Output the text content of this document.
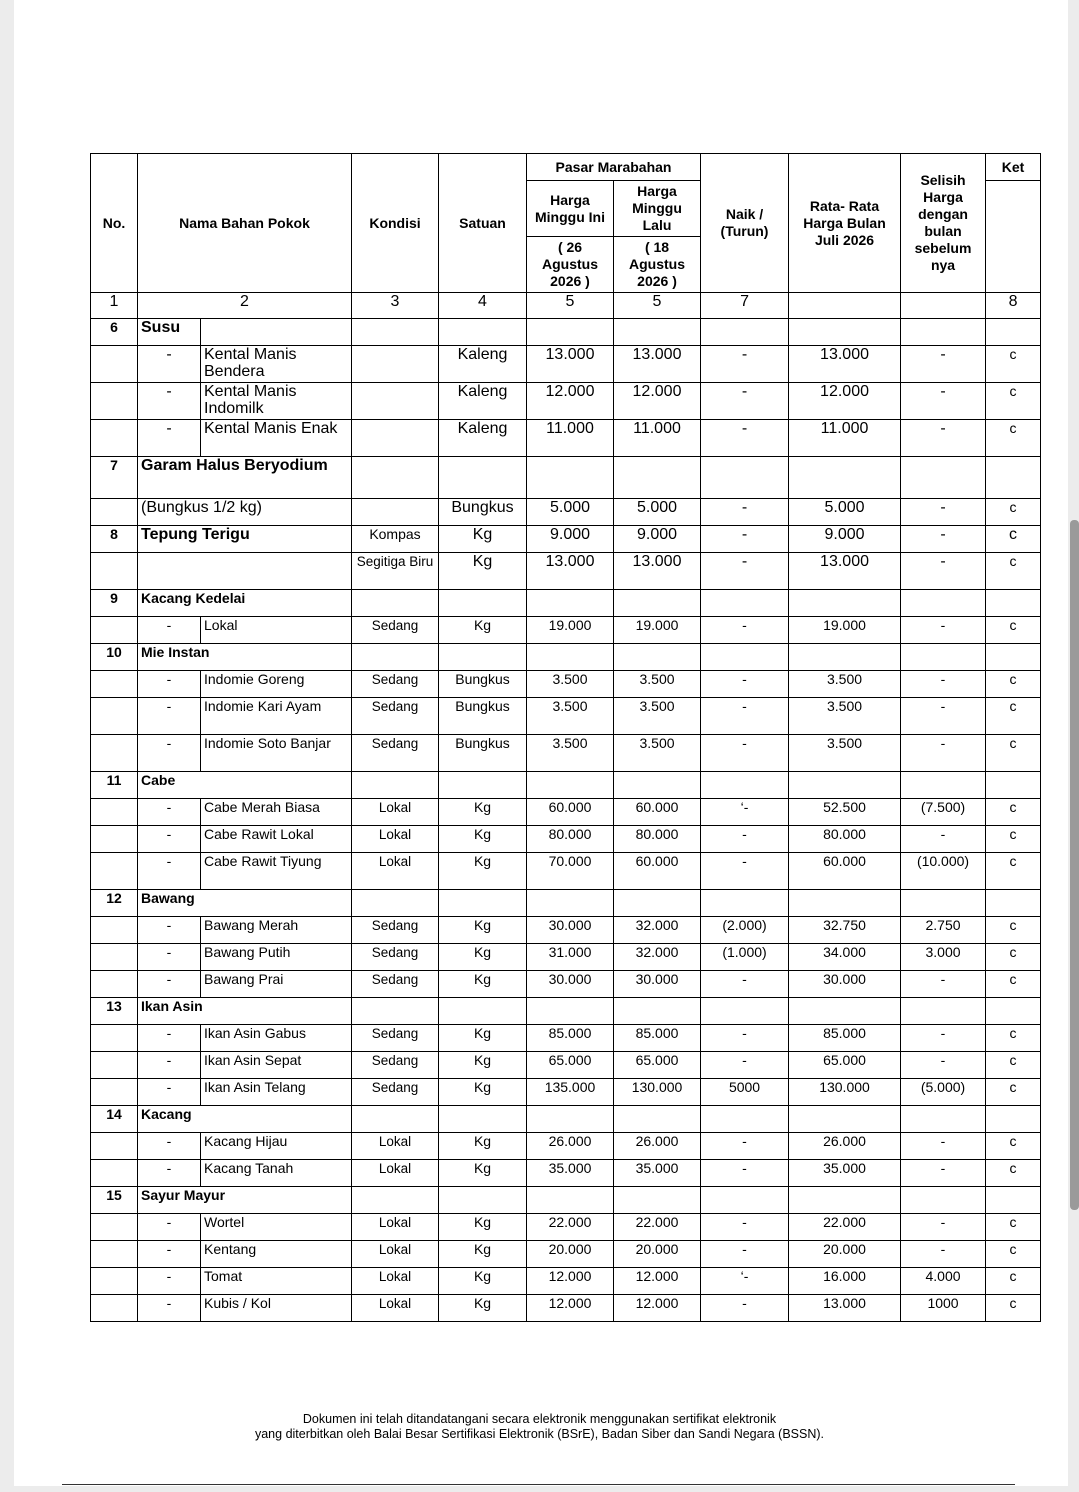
No.	Nama Bahan Pokok		Kondisi	Satuan	Pasar Marabahan		Naik / (Turun)	Rata- Rata Harga Bulan Juli 2026	Selisih Harga dengan bulan sebelum nya	Ket
					Harga Minggu Ini	Harga Minggu Lalu				
					( 26 Agustus 2026 )	( 18 Agustus 2026 )				
1	2		3	4	5	5	7			8
6	Susu									
	-	Kental Manis Bendera		Kaleng	13.000	13.000	-	13.000	-	c
	-	Kental Manis Indomilk		Kaleng	12.000	12.000	-	12.000	-	c
	-	Kental Manis Enak		Kaleng	11.000	11.000	-	11.000	-	c
7	Garam Halus Beryodium									
	(Bungkus 1/2 kg)			Bungkus	5.000	5.000	-	5.000	-	c
8	Tepung Terigu		Kompas	Kg	9.000	9.000	-	9.000	-	c
			Segitiga Biru	Kg	13.000	13.000	-	13.000	-	c
9	Kacang Kedelai									
	-	Lokal	Sedang	Kg	19.000	19.000	-	19.000	-	c
10	Mie Instan									
	-	Indomie Goreng	Sedang	Bungkus	3.500	3.500	-	3.500	-	c
	-	Indomie Kari Ayam	Sedang	Bungkus	3.500	3.500	-	3.500	-	c
	-	Indomie Soto Banjar	Sedang	Bungkus	3.500	3.500	-	3.500	-	c
11	Cabe									
	-	Cabe Merah Biasa	Lokal	Kg	60.000	60.000	‘-	52.500	(7.500)	c
	-	Cabe Rawit Lokal	Lokal	Kg	80.000	80.000	-	80.000	-	c
	-	Cabe Rawit Tiyung	Lokal	Kg	70.000	60.000	-	60.000	(10.000)	c
12	Bawang									
	-	Bawang Merah	Sedang	Kg	30.000	32.000	(2.000)	32.750	2.750	c
	-	Bawang Putih	Sedang	Kg	31.000	32.000	(1.000)	34.000	3.000	c
	-	Bawang Prai	Sedang	Kg	30.000	30.000	-	30.000	-	c
13	Ikan Asin									
	-	Ikan Asin Gabus	Sedang	Kg	85.000	85.000	-	85.000	-	c
	-	Ikan Asin Sepat	Sedang	Kg	65.000	65.000	-	65.000	-	c
	-	Ikan Asin Telang	Sedang	Kg	135.000	130.000	5000	130.000	(5.000)	c
14	Kacang									
	-	Kacang Hijau	Lokal	Kg	26.000	26.000	-	26.000	-	c
	-	Kacang Tanah	Lokal	Kg	35.000	35.000	-	35.000	-	c
15	Sayur Mayur									
	-	Wortel	Lokal	Kg	22.000	22.000	-	22.000	-	c
	-	Kentang	Lokal	Kg	20.000	20.000	-	20.000	-	c
	-	Tomat	Lokal	Kg	12.000	12.000	‘-	16.000	4.000	c
	-	Kubis / Kol	Lokal	Kg	12.000	12.000	-	13.000	1000	c
Dokumen ini telah ditandatangani secara elektronik menggunakan sertifikat elektronik
yang diterbitkan oleh Balai Besar Sertifikasi Elektronik (BSrE), Badan Siber dan Sandi Negara (BSSN).
